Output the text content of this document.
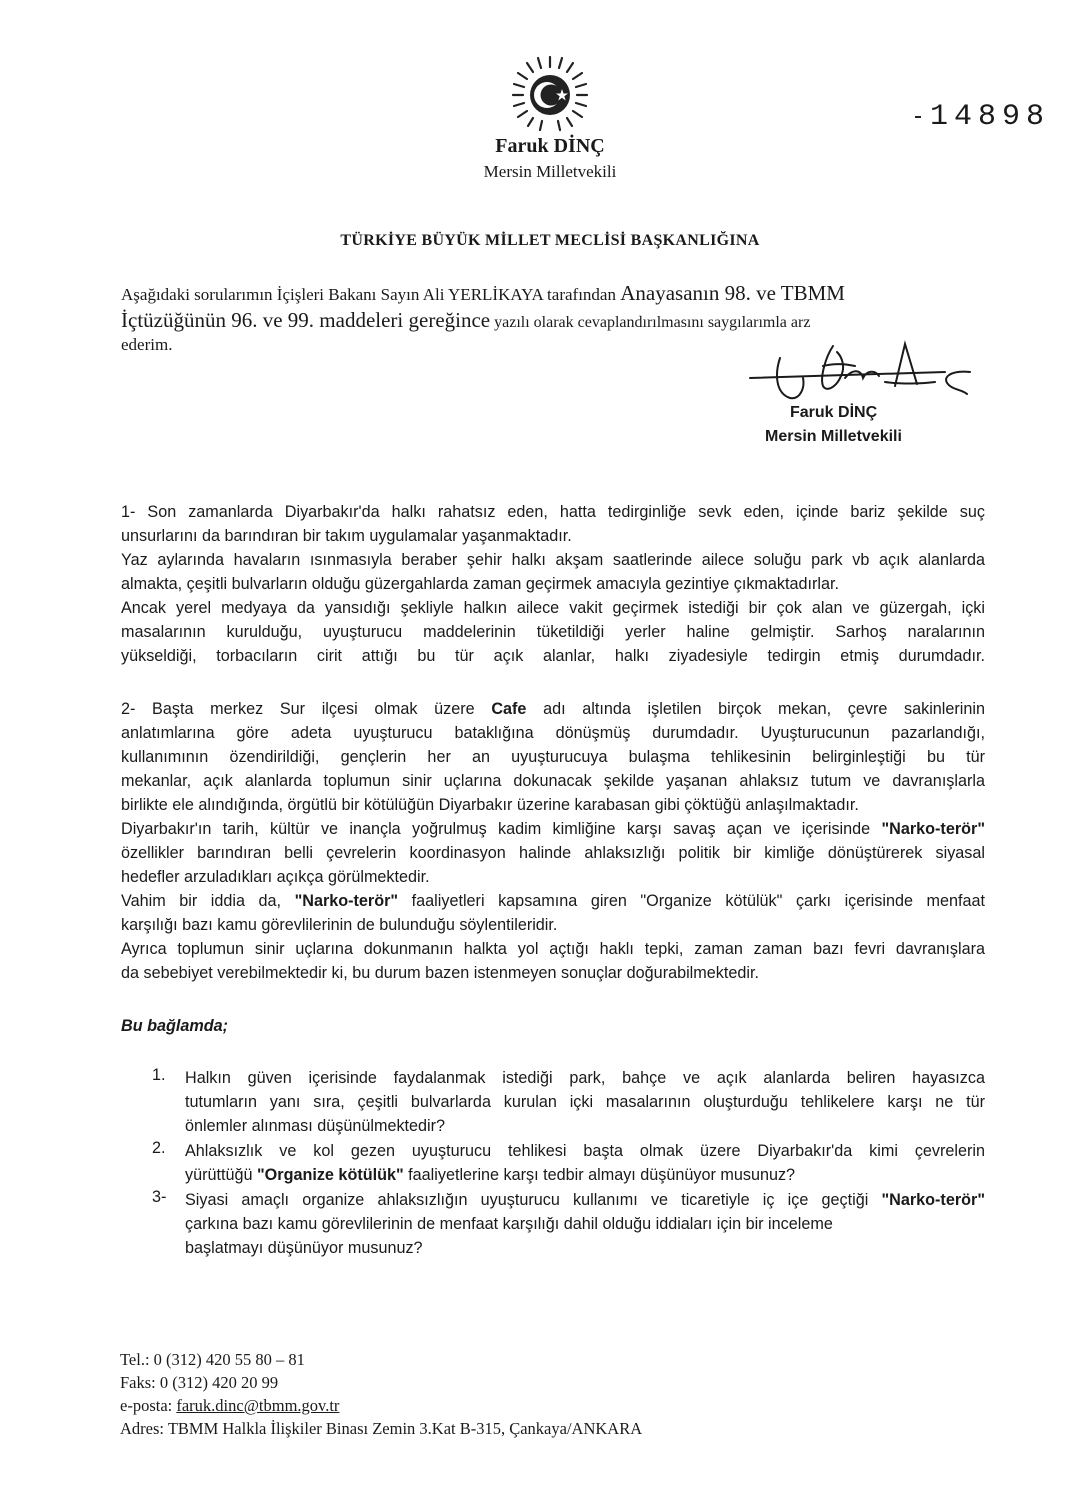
14898
Faruk DİNÇ
Mersin Milletvekili
TÜRKİYE BÜYÜK MİLLET MECLİSİ BAŞKANLIĞINA
Aşağıdaki sorularımın İçişleri Bakanı Sayın Ali YERLİKAYA tarafından Anayasanın 98. ve TBMM
İçtüzüğünün 96. ve 99. maddeleri gereğince yazılı olarak cevaplandırılmasını saygılarımla arz
ederim.
Faruk DİNÇ
Mersin Milletvekili
1- Son zamanlarda Diyarbakır'da halkı rahatsız eden, hatta tedirginliğe sevk eden, içinde bariz şekilde suç
unsurlarını da barındıran bir takım uygulamalar yaşanmaktadır.
Yaz aylarında havaların ısınmasıyla beraber şehir halkı akşam saatlerinde ailece soluğu park vb açık alanlarda
almakta, çeşitli bulvarların olduğu güzergahlarda zaman geçirmek amacıyla gezintiye çıkmaktadırlar.
Ancak yerel medyaya da yansıdığı şekliyle halkın ailece vakit geçirmek istediği bir çok alan ve güzergah, içki
masalarının kurulduğu, uyuşturucu maddelerinin tüketildiği yerler haline gelmiştir. Sarhoş naralarının
yükseldiği, torbacıların cirit attığı bu tür açık alanlar, halkı ziyadesiyle tedirgin etmiş durumdadır.
2- Başta merkez Sur ilçesi olmak üzere Cafe adı altında işletilen birçok mekan, çevre sakinlerinin
anlatımlarına göre adeta uyuşturucu bataklığına dönüşmüş durumdadır. Uyuşturucunun pazarlandığı,
kullanımının özendirildiği, gençlerin her an uyuşturucuya bulaşma tehlikesinin belirginleştiği bu tür
mekanlar, açık alanlarda toplumun sinir uçlarına dokunacak şekilde yaşanan ahlaksız tutum ve davranışlarla
birlikte ele alındığında, örgütlü bir kötülüğün Diyarbakır üzerine karabasan gibi çöktüğü anlaşılmaktadır.
Diyarbakır'ın tarih, kültür ve inançla yoğrulmuş kadim kimliğine karşı savaş açan ve içerisinde "Narko-terör"
özellikler barındıran belli çevrelerin koordinasyon halinde ahlaksızlığı politik bir kimliğe dönüştürerek siyasal
hedefler arzuladıkları açıkça görülmektedir.
Vahim bir iddia da, "Narko-terör" faaliyetleri kapsamına giren "Organize kötülük" çarkı içerisinde menfaat
karşılığı bazı kamu görevlilerinin de bulunduğu söylentileridir.
Ayrıca toplumun sinir uçlarına dokunmanın halkta yol açtığı haklı tepki, zaman zaman bazı fevri davranışlara
da sebebiyet verebilmektedir ki, bu durum bazen istenmeyen sonuçlar doğurabilmektedir.
Bu bağlamda;
1. Halkın güven içerisinde faydalanmak istediği park, bahçe ve açık alanlarda beliren hayasızca
tutumların yanı sıra, çeşitli bulvarlarda kurulan içki masalarının oluşturduğu tehlikelere karşı ne tür
önlemler alınması düşünülmektedir?
2. Ahlaksızlık ve kol gezen uyuşturucu tehlikesi başta olmak üzere Diyarbakır'da kimi çevrelerin
yürüttüğü "Organize kötülük" faaliyetlerine karşı tedbir almayı düşünüyor musunuz?
3- Siyasi amaçlı organize ahlaksızlığın uyuşturucu kullanımı ve ticaretiyle iç içe geçtiği "Narko-terör"
çarkına bazı kamu görevlilerinin de menfaat karşılığı dahil olduğu iddiaları için bir inceleme
başlatmayı düşünüyor musunuz?
Tel.: 0 (312) 420 55 80 – 81
Faks: 0 (312) 420 20 99
e-posta: faruk.dinc@tbmm.gov.tr
Adres: TBMM Halkla İlişkiler Binası Zemin 3.Kat B-315, Çankaya/ANKARA
